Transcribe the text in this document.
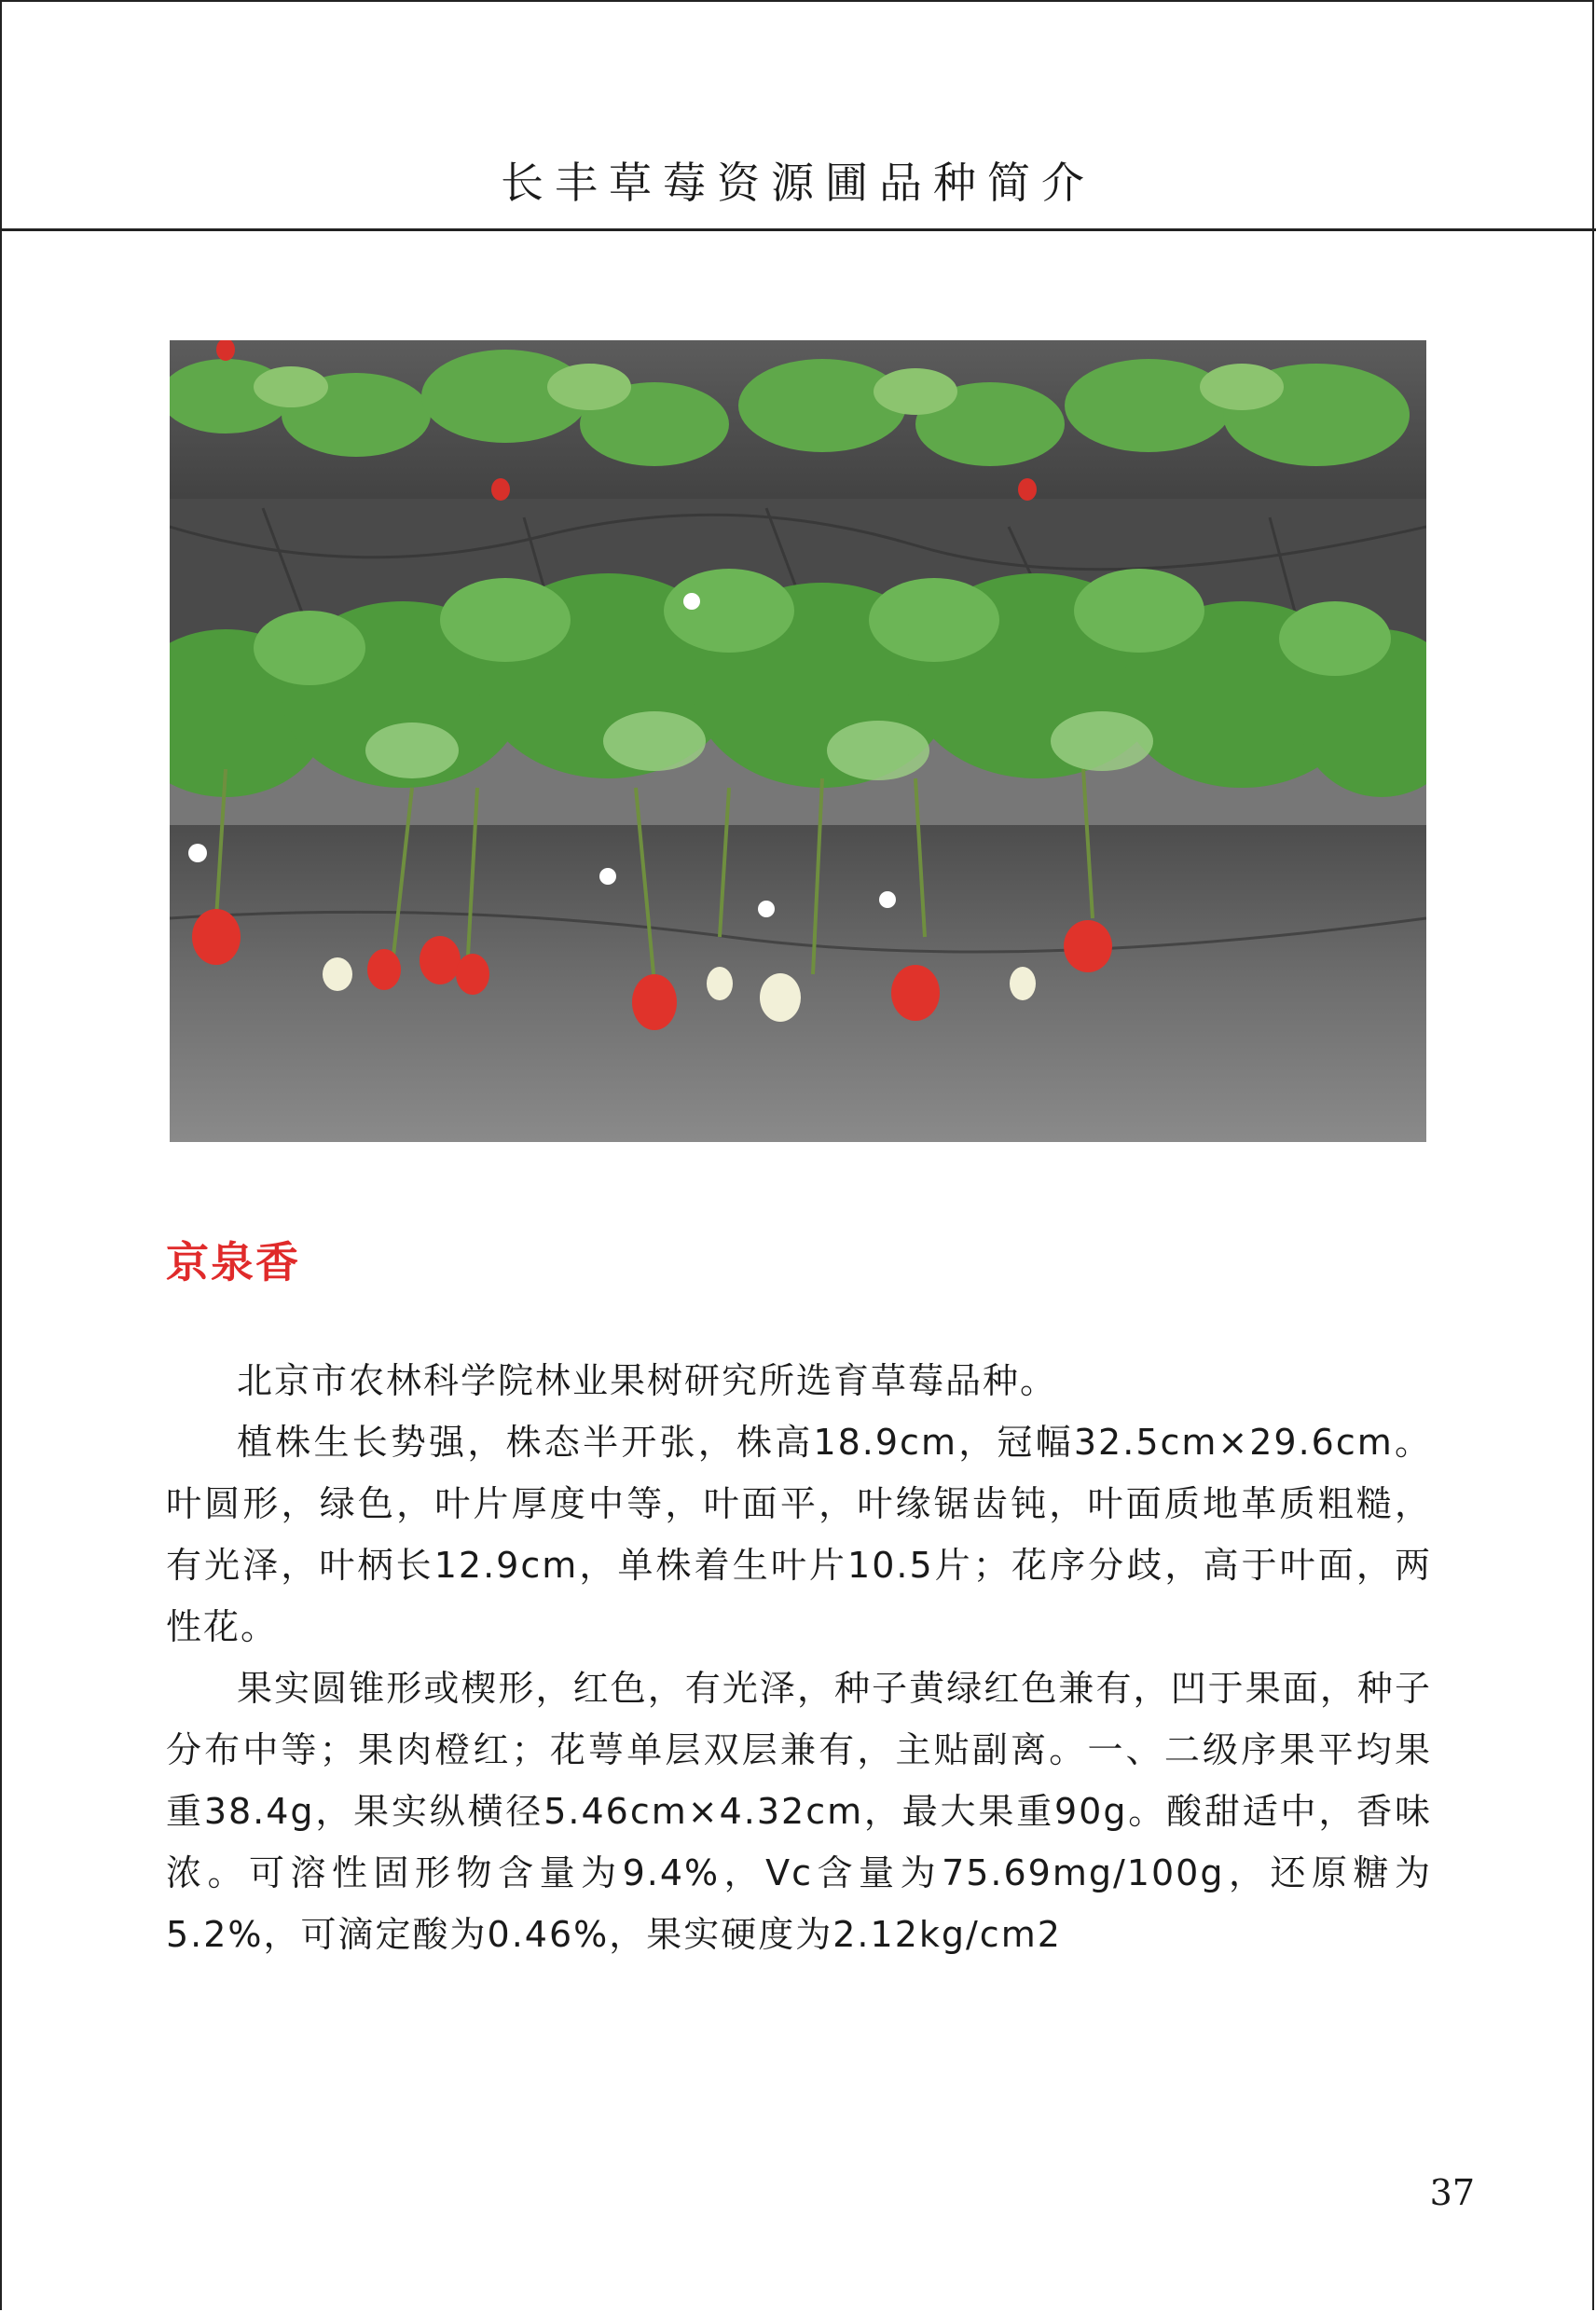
长丰草莓资源圃品种简介
京泉香

北京市农林科学院林业果树研究所选育草莓品种。

植株生长势强，株态半开张，株高18.9cm，冠幅32.5cm×29.6cm。叶圆形，绿色，叶片厚度中等，叶面平，叶缘锯齿钝，叶面质地革质粗糙，有光泽，叶柄长12.9cm，单株着生叶片10.5片；花序分歧，高于叶面，两性花。

果实圆锥形或楔形，红色，有光泽，种子黄绿红色兼有，凹于果面，种子分布中等；果肉橙红；花萼单层双层兼有，主贴副离。一、二级序果平均果重38.4g，果实纵横径5.46cm×4.32cm，最大果重90g。酸甜适中，香味浓。可溶性固形物含量为9.4%，Vc含量为75.69mg/100g，还原糖为5.2%，可滴定酸为0.46%，果实硬度为2.12kg/cm2

37
